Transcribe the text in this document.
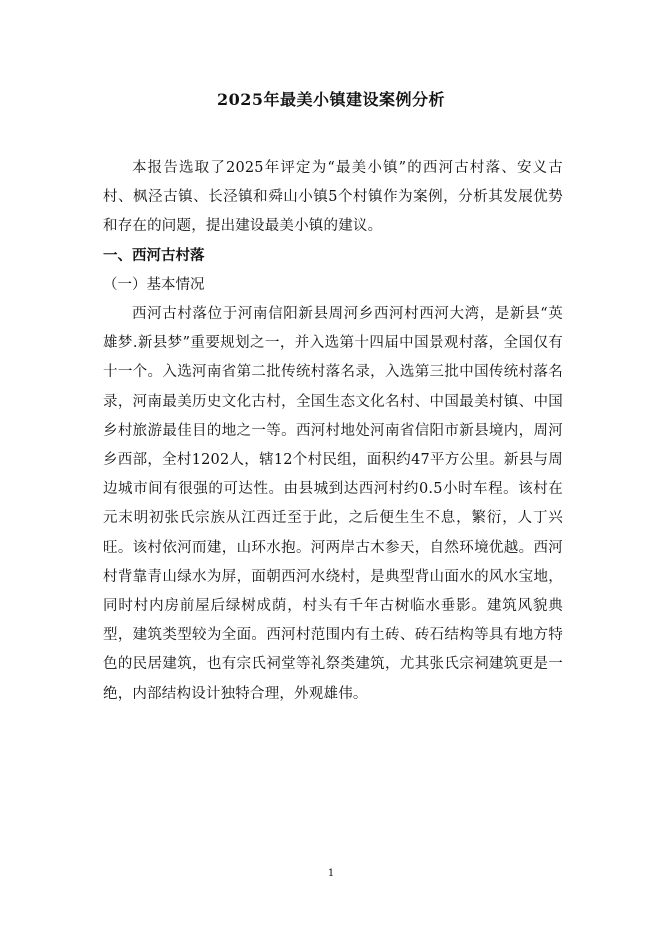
2025年最美小镇建设案例分析

本报告选取了2025年评定为“最美小镇”的西河古村落、安义古村、枫泾古镇、长泾镇和舜山小镇5个村镇作为案例，分析其发展优势和存在的问题，提出建设最美小镇的建议。

一、西河古村落

（一）基本情况

西河古村落位于河南信阳新县周河乡西河村西河大湾，是新县“英雄梦.新县梦”重要规划之一，并入选第十四届中国景观村落，全国仅有十一个。入选河南省第二批传统村落名录，入选第三批中国传统村落名录，河南最美历史文化古村，全国生态文化名村、中国最美村镇、中国乡村旅游最佳目的地之一等。西河村地处河南省信阳市新县境内，周河乡西部，全村1202人，辖12个村民组，面积约47平方公里。新县与周边城市间有很强的可达性。由县城到达西河村约0.5小时车程。该村在元末明初张氏宗族从江西迁至于此，之后便生生不息，繁衍，人丁兴旺。该村依河而建，山环水抱。河两岸古木参天，自然环境优越。西河村背靠青山绿水为屏，面朝西河水绕村，是典型背山面水的风水宝地，同时村内房前屋后绿树成荫，村头有千年古树临水垂影。建筑风貌典型，建筑类型较为全面。西河村范围内有土砖、砖石结构等具有地方特色的民居建筑，也有宗氏祠堂等礼祭类建筑，尤其张氏宗祠建筑更是一绝，内部结构设计独特合理，外观雄伟。

1
